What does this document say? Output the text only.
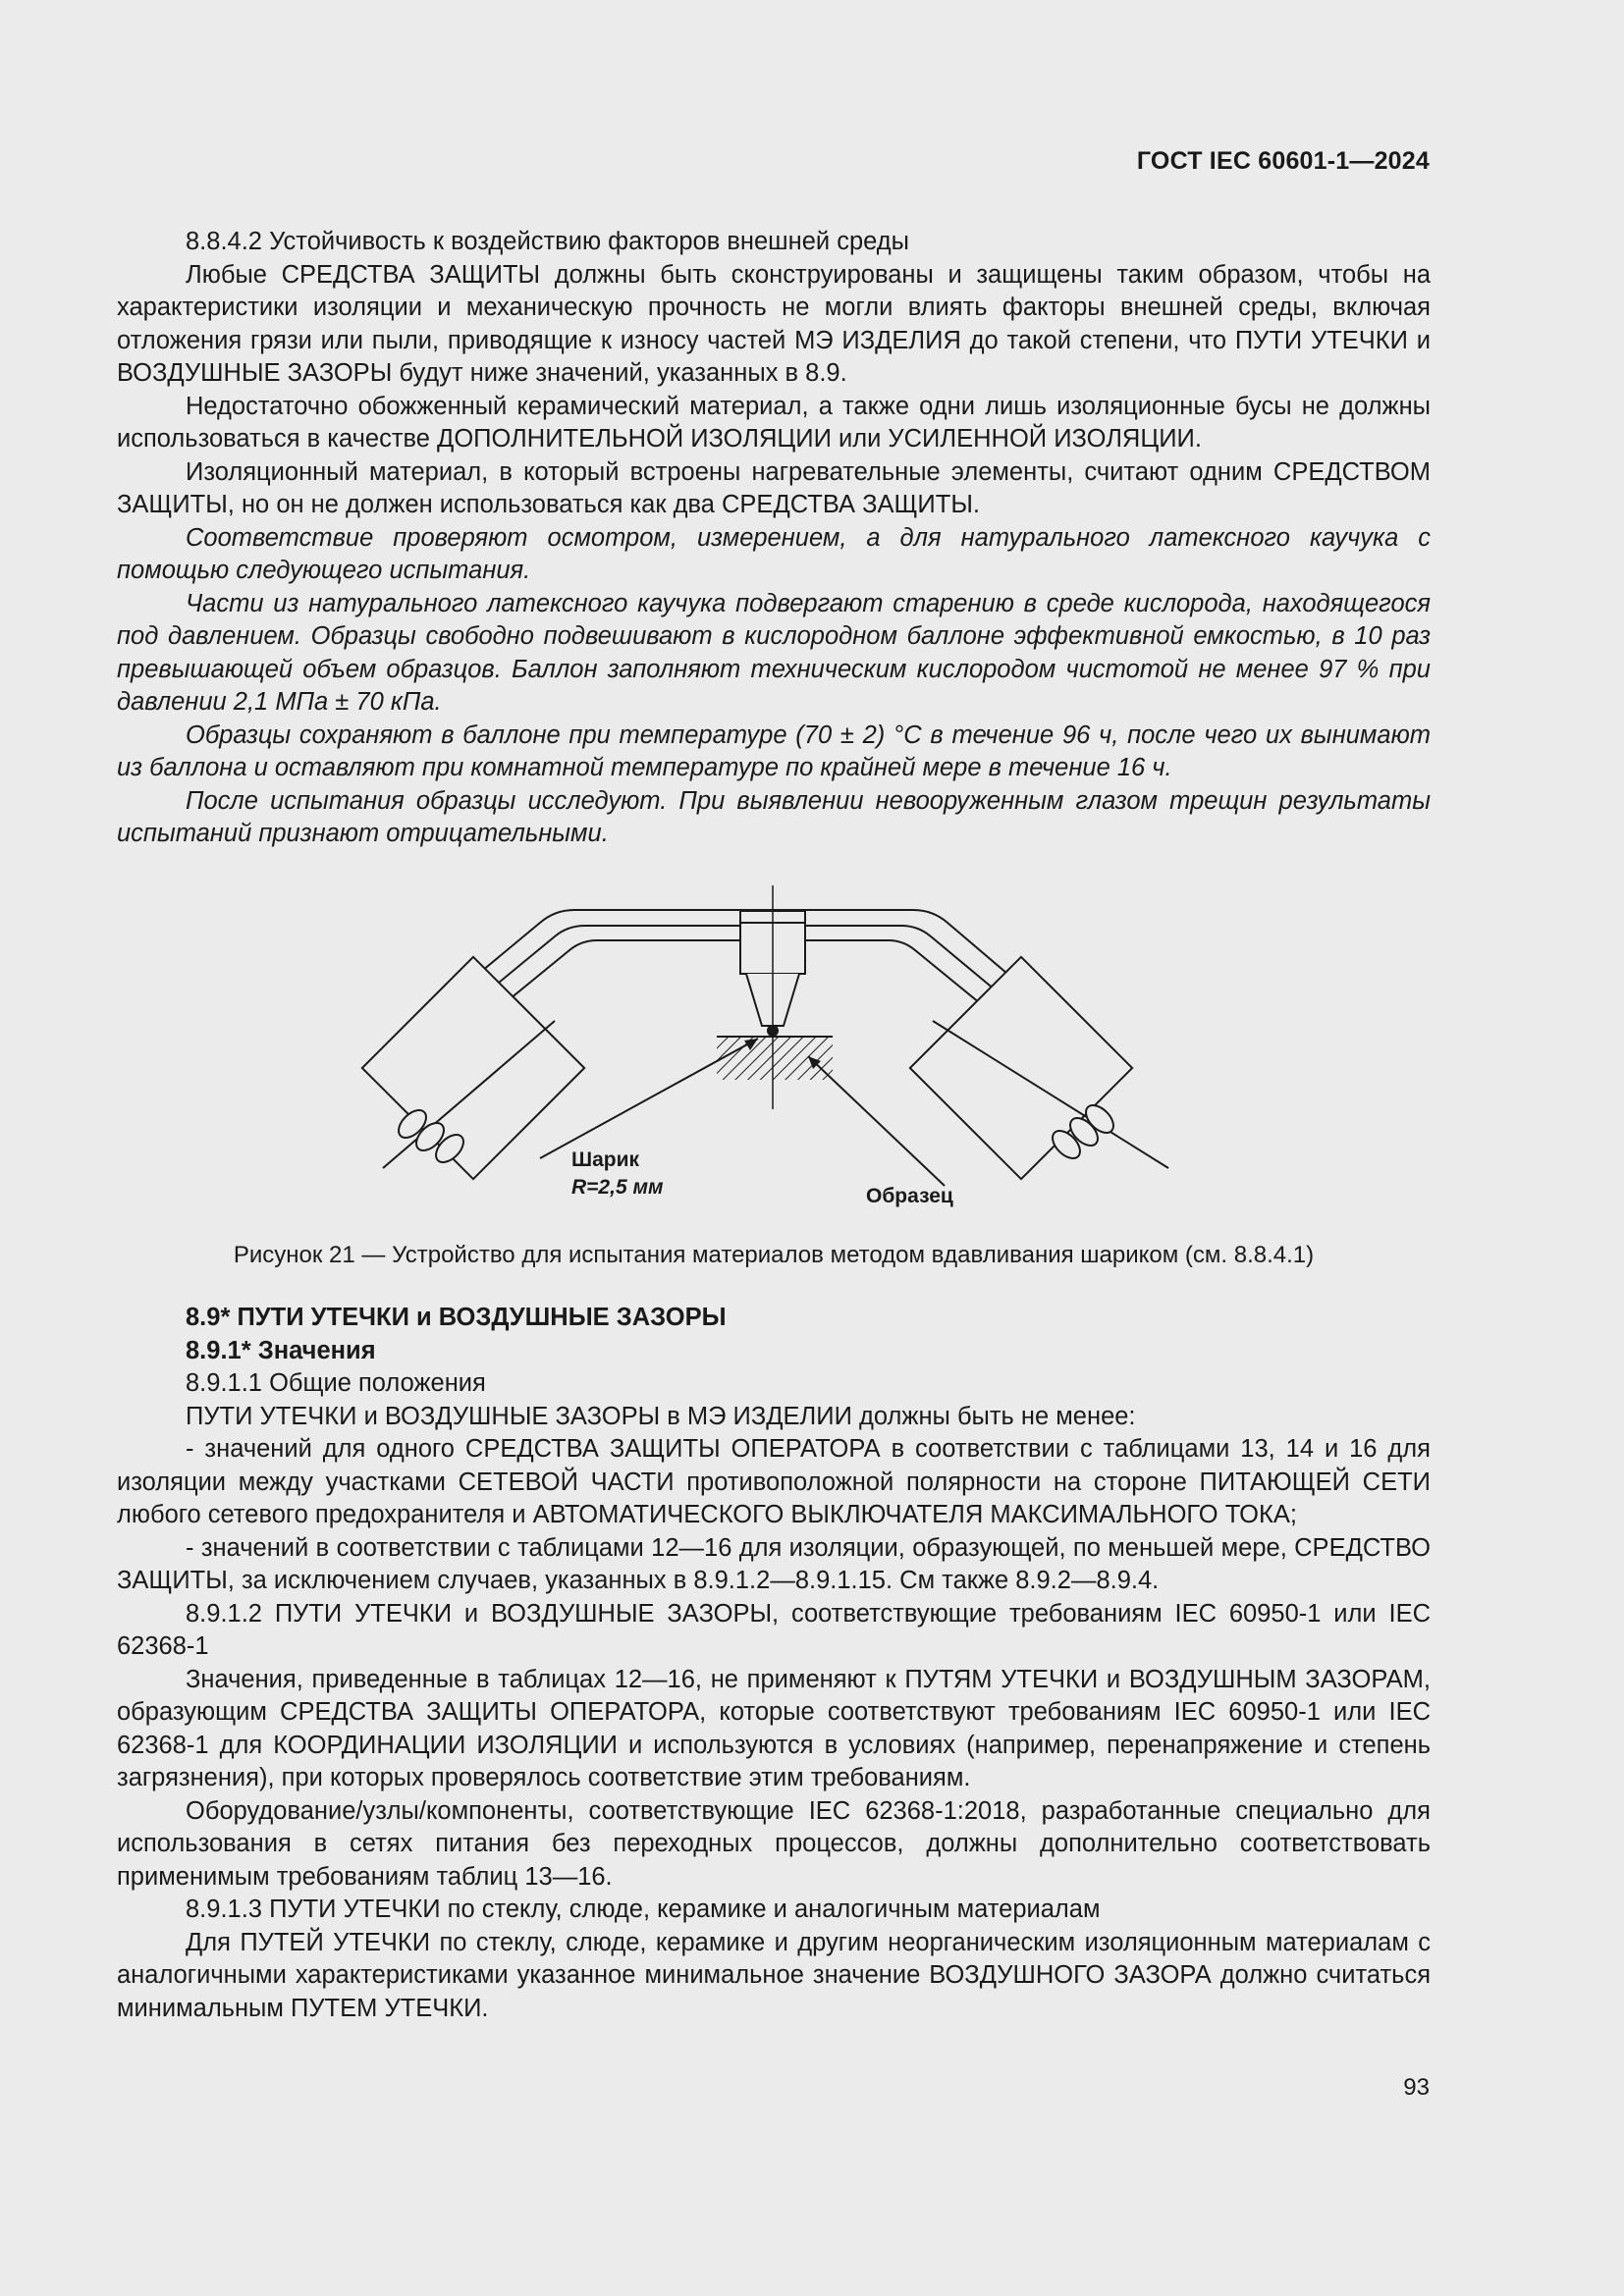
ГОСТ IEC 60601-1—2024

8.8.4.2 Устойчивость к воздействию факторов внешней среды

Любые СРЕДСТВА ЗАЩИТЫ должны быть сконструированы и защищены таким образом, чтобы на характеристики изоляции и механическую прочность не могли влиять факторы внешней среды, включая отложения грязи или пыли, приводящие к износу частей МЭ ИЗДЕЛИЯ до такой степени, что ПУТИ УТЕЧКИ и ВОЗДУШНЫЕ ЗАЗОРЫ будут ниже значений, указанных в 8.9.

Недостаточно обожженный керамический материал, а также одни лишь изоляционные бусы не должны использоваться в качестве ДОПОЛНИТЕЛЬНОЙ ИЗОЛЯЦИИ или УСИЛЕННОЙ ИЗОЛЯЦИИ.

Изоляционный материал, в который встроены нагревательные элементы, считают одним СРЕДСТВОМ ЗАЩИТЫ, но он не должен использоваться как два СРЕДСТВА ЗАЩИТЫ.

Соответствие проверяют осмотром, измерением, а для натурального латексного каучука с помощью следующего испытания.

Части из натурального латексного каучука подвергают старению в среде кислорода, находящегося под давлением. Образцы свободно подвешивают в кислородном баллоне эффективной емкостью, в 10 раз превышающей объем образцов. Баллон заполняют техническим кислородом чистотой не менее 97 % при давлении 2,1 МПа ± 70 кПа.

Образцы сохраняют в баллоне при температуре (70 ± 2) °С в течение 96 ч, после чего их вынимают из баллона и оставляют при комнатной температуре по крайней мере в течение 16 ч.

После испытания образцы исследуют. При выявлении невооруженным глазом трещин результаты испытаний признают отрицательными.

Шарик
R=2,5 мм	Образец
Рисунок 21 — Устройство для испытания материалов методом вдавливания шариком (см. 8.8.4.1)

8.9* ПУТИ УТЕЧКИ и ВОЗДУШНЫЕ ЗАЗОРЫ

8.9.1* Значения

8.9.1.1 Общие положения

ПУТИ УТЕЧКИ и ВОЗДУШНЫЕ ЗАЗОРЫ в МЭ ИЗДЕЛИИ должны быть не менее:

- значений для одного СРЕДСТВА ЗАЩИТЫ ОПЕРАТОРА в соответствии с таблицами 13, 14 и 16 для изоляции между участками СЕТЕВОЙ ЧАСТИ противоположной полярности на стороне ПИТАЮЩЕЙ СЕТИ любого сетевого предохранителя и АВТОМАТИЧЕСКОГО ВЫКЛЮЧАТЕЛЯ МАКСИМАЛЬНОГО ТОКА;

- значений в соответствии с таблицами 12—16 для изоляции, образующей, по меньшей мере, СРЕДСТВО ЗАЩИТЫ, за исключением случаев, указанных в 8.9.1.2—8.9.1.15. См также 8.9.2—8.9.4.

8.9.1.2 ПУТИ УТЕЧКИ и ВОЗДУШНЫЕ ЗАЗОРЫ, соответствующие требованиям IEC 60950-1 или IEC 62368-1

Значения, приведенные в таблицах 12—16, не применяют к ПУТЯМ УТЕЧКИ и ВОЗДУШНЫМ ЗАЗОРАМ, образующим СРЕДСТВА ЗАЩИТЫ ОПЕРАТОРА, которые соответствуют требованиям IEC 60950-1 или IEC 62368-1 для КООРДИНАЦИИ ИЗОЛЯЦИИ и используются в условиях (например, перенапряжение и степень загрязнения), при которых проверялось соответствие этим требованиям.

Оборудование/узлы/компоненты, соответствующие IEC 62368-1:2018, разработанные специально для использования в сетях питания без переходных процессов, должны дополнительно соответствовать применимым требованиям таблиц 13—16.

8.9.1.3 ПУТИ УТЕЧКИ по стеклу, слюде, керамике и аналогичным материалам

Для ПУТЕЙ УТЕЧКИ по стеклу, слюде, керамике и другим неорганическим изоляционным материалам с аналогичными характеристиками указанное минимальное значение ВОЗДУШНОГО ЗАЗОРА должно считаться минимальным ПУТЕМ УТЕЧКИ.

93
